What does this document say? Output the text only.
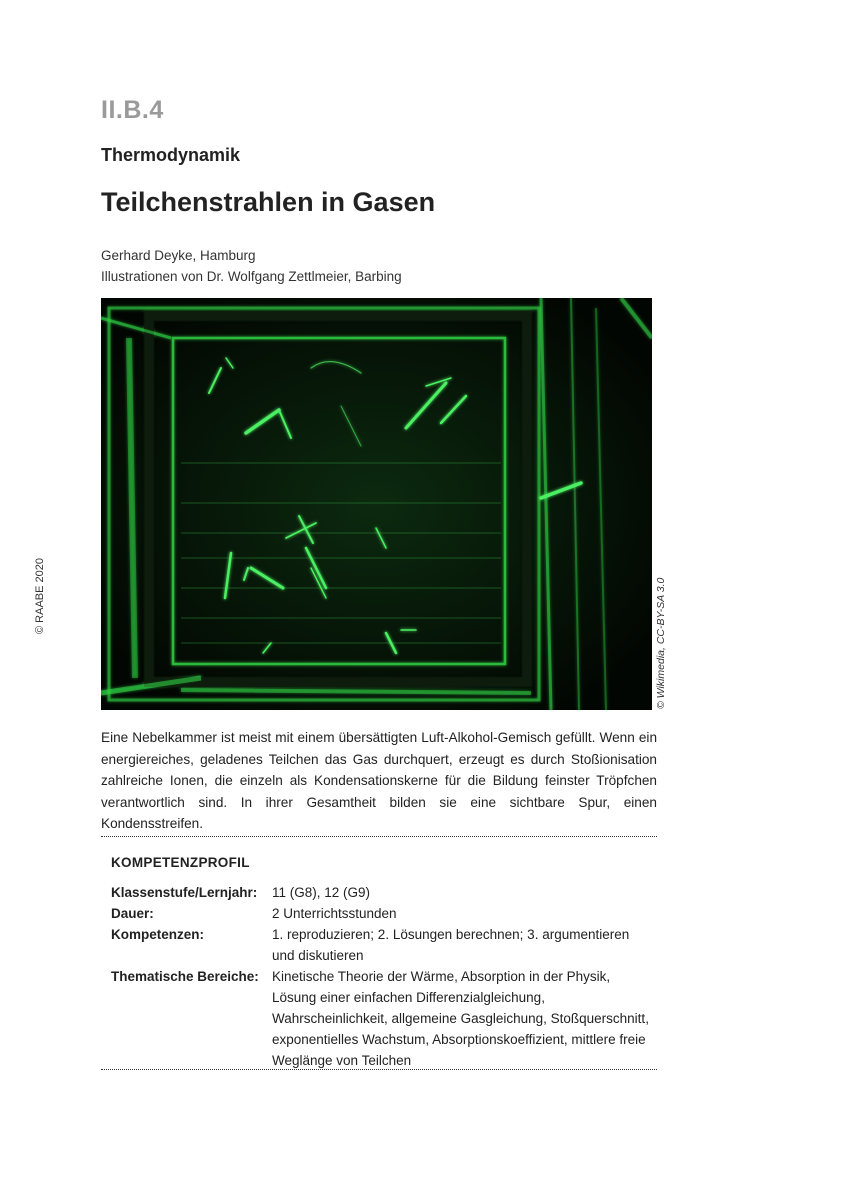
II.B.4
Thermodynamik
Teilchenstrahlen in Gasen
Gerhard Deyke, Hamburg
Illustrationen von Dr. Wolfgang Zettlmeier, Barbing
© RAABE 2020	© Wikimedia, CC-BY-SA 3.0
Eine Nebelkammer ist meist mit einem übersättigten Luft-Alkohol-Gemisch gefüllt. Wenn ein energiereiches, geladenes Teilchen das Gas durchquert, erzeugt es durch Stoßionisation zahlreiche Ionen, die einzeln als Kondensationskerne für die Bildung feinster Tröpfchen verantwortlich sind. In ihrer Gesamtheit bilden sie eine sichtbare Spur, einen Kondensstreifen.
KOMPETENZPROFIL
Klassenstufe/Lernjahr:	11 (G8), 12 (G9)
Dauer:	2 Unterrichtsstunden
Kompetenzen:	1. reproduzieren; 2. Lösungen berechnen; 3. argumentieren und diskutieren
Thematische Bereiche: Kinetische Theorie der Wärme, Absorption in der Physik, Lösung einer einfachen Differenzialgleichung, Wahrscheinlichkeit, allgemeine Gasgleichung, Stoßquerschnitt, exponentielles Wachstum, Absorptionskoeffizient, mittlere freie Weglänge von Teilchen
